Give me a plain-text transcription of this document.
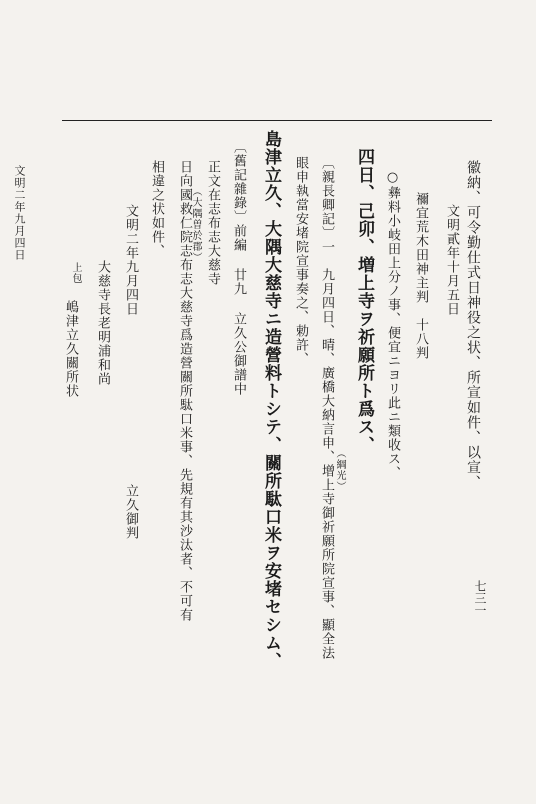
徽納、可令勤仕式日神役之状、所宣如件、以宣、
文明貳年十月五日
禰宜荒木田神主判　十八判
○彝料小岐田上分ノ事、便宜ニヨリ此ニ類收ス、
四日、己卯、増上寺ヲ祈願所ト爲ス、
〔親長卿記〕一　九月四日、晴、廣橋大納言申、增上寺御祈願所院宣事、顯全法 （綱光）
眼申執當安堵院宣事奏之、勅許、
島津立久、大隅大慈寺ニ造營料トシテ、關所駄口米ヲ安堵セシム、
〔舊記雜錄〕前編 廿九 立久公御譜中
正文在志布志大慈寺
（大隅曽於郡）
日向國救仁院志布志大慈寺爲造營關所駄口米事、先規有其沙汰者、不可有
相違之状如件、
文明二年九月四日
立久御判
大慈寺長老明浦和尚
上包
嶋津立久關所状
文明二年九月四日
七三一
